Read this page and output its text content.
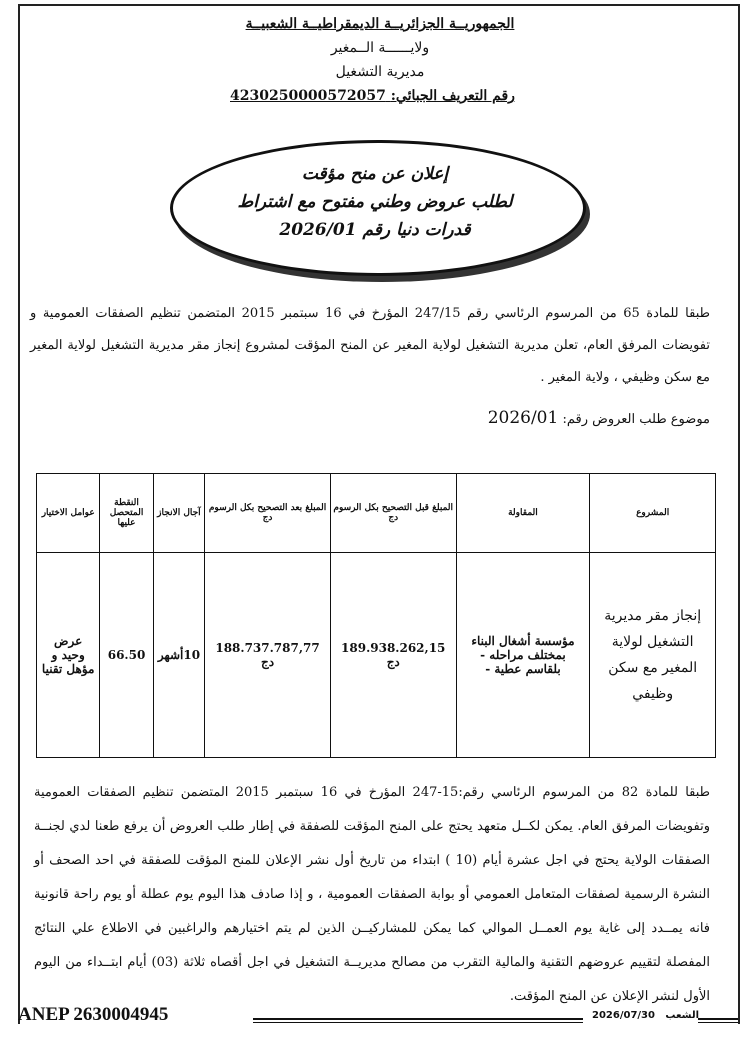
الجمهوريــة الجزائريــة الديمقراطيــة الشعبيــة
ولايــــــة الــمغير
مديرية التشغيل
رقم التعريف الجبائي: 4230250000572057
إعلان عن منح مؤقت
لطلب عروض وطني مفتوح مع اشتراط
قدرات دنيا رقم 2026/01
طبقا للمادة 65 من المرسوم الرئاسي رقم 247/15 المؤرخ في 16 سبتمبر 2015 المتضمن تنظيم الصفقات العمومية و تفويضات المرفق العام، تعلن مديرية التشغيل لولاية المغير عن المنح المؤقت لمشروع إنجاز مقر مديرية التشغيل لولاية المغير مع سكن وظيفي ، ولاية المغير .
موضوع طلب العروض رقم: 2026/01
المشروع	المقاولة	المبلغ قبل التصحيح بكل الرسوم دج	المبلغ بعد التصحيح بكل الرسوم دج	آجال الانجاز	النقطة المتحصل عليها	عوامل الاختيار
إنجاز مقر مديرية التشغيل لولاية المغير مع سكن وظيفي	مؤسسة أشغال البناء بمختلف مراحله - بلقاسم عطية -	189.938.262,15 دج	188.737.787,77 دج	10أشهر	66.50	عرض وحيد و مؤهل تقنيا
طبقا للمادة 82 من المرسوم الرئاسي رقم:15-247 المؤرخ في 16 سبتمبر 2015 المتضمن تنظيم الصفقات العمومية وتفويضات المرفق العام. يمكن لكــل متعهد يحتج على المنح المؤقت للصفقة في إطار طلب العروض أن يرفع طعنا لدي لجنــة الصفقات الولاية يحتج في اجل عشرة أيام (10 ) ابتداء من تاريخ أول نشر الإعلان للمنح المؤقت للصفقة في احد الصحف أو النشرة الرسمية لصفقات المتعامل العمومي أو بوابة الصفقات العمومية ، و إذا صادف هذا اليوم يوم عطلة أو يوم راحة قانونية فانه يمــدد إلى غاية يوم العمــل الموالي كما يمكن للمشاركيــن الذين لم يتم اختيارهم والراغبين في الاطلاع علي النتائج المفصلة لتقييم عروضهم التقنية والمالية التقرب من مصالح مديريــة التشغيل في اجل أقصاه ثلاثة (03) أيام ابتــداء من اليوم الأول لنشر الإعلان عن المنح المؤقت.
ANEP 2630004945	الشعب   2026/07/30
